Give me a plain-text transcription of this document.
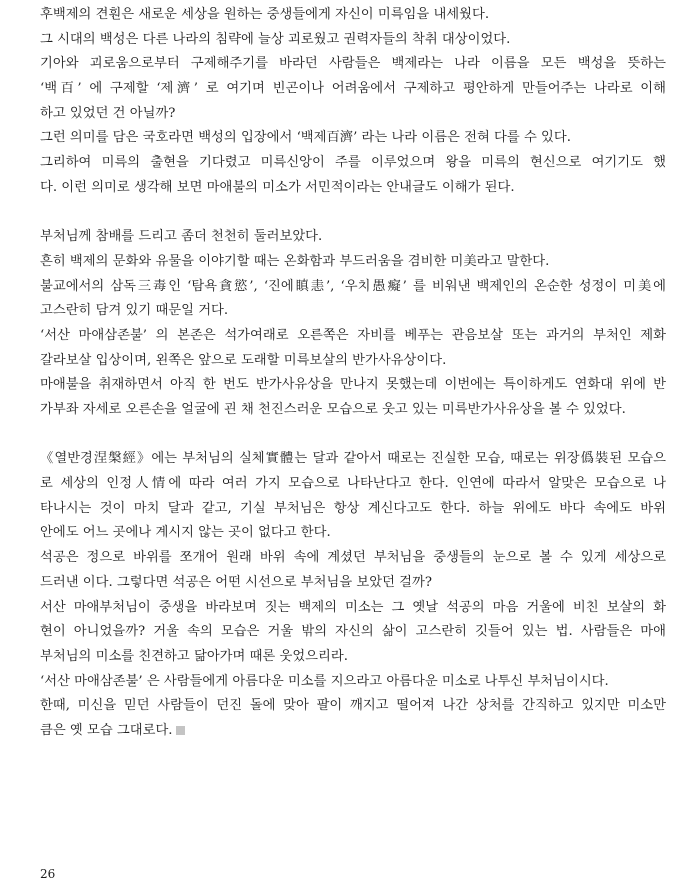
후백제의 견훤은 새로운 세상을 원하는 중생들에게 자신이 미륵임을 내세웠다.
그 시대의 백성은 다른 나라의 침략에 늘상 괴로웠고 권력자들의 착취 대상이었다.
기아와 괴로움으로부터 구제해주기를 바라던 사람들은 백제라는 나라 이름을 모든 백성을 뜻하는
‘백百’ 에 구제할 ‘제濟’ 로 여기며 빈곤이나 어려움에서 구제하고 평안하게 만들어주는 나라로 이해
하고 있었던 건 아닐까?
그런 의미를 담은 국호라면 백성의 입장에서 ‘백제百濟’ 라는 나라 이름은 전혀 다를 수 있다.
그리하여 미륵의 출현을 기다렸고 미륵신앙이 주를 이루었으며 왕을 미륵의 현신으로 여기기도 했
다. 이런 의미로 생각해 보면 마애불의 미소가 서민적이라는 안내글도 이해가 된다.
부처님께 참배를 드리고 좀더 천천히 둘러보았다.
흔히 백제의 문화와 유물을 이야기할 때는 온화함과 부드러움을 겸비한 미美라고 말한다.
불교에서의 삼독三毒인 ‘탐욕貪慾’, ‘진에瞋恚’, ‘우치愚癡’ 를 비워낸 백제인의 온순한 성정이 미美에
고스란히 담겨 있기 때문일 거다.
‘서산 마애삼존불’ 의 본존은 석가여래로 오른쪽은 자비를 베푸는 관음보살 또는 과거의 부처인 제화
갈라보살 입상이며, 왼쪽은 앞으로 도래할 미륵보살의 반가사유상이다.
마애불을 취재하면서 아직 한 번도 반가사유상을 만나지 못했는데 이번에는 특이하게도 연화대 위에 반
가부좌 자세로 오른손을 얼굴에 괸 채 천진스러운 모습으로 웃고 있는 미륵반가사유상을 볼 수 있었다.
《열반경涅槃經》에는 부처님의 실체實體는 달과 같아서 때로는 진실한 모습, 때로는 위장僞裝된 모습으
로 세상의 인정人情에 따라 여러 가지 모습으로 나타난다고 한다. 인연에 따라서 알맞은 모습으로 나
타나시는 것이 마치 달과 같고, 기실 부처님은 항상 계신다고도 한다. 하늘 위에도 바다 속에도 바위
안에도 어느 곳에나 계시지 않는 곳이 없다고 한다.
석공은 정으로 바위를 쪼개어 원래 바위 속에 계셨던 부처님을 중생들의 눈으로 볼 수 있게 세상으로
드러낸 이다. 그렇다면 석공은 어떤 시선으로 부처님을 보았던 걸까?
서산 마애부처님이 중생을 바라보며 짓는 백제의 미소는 그 옛날 석공의 마음 거울에 비친 보살의 화
현이 아니었을까? 거울 속의 모습은 거울 밖의 자신의 삶이 고스란히 깃들어 있는 법. 사람들은 마애
부처님의 미소를 친견하고 닮아가며 때론 웃었으리라.
‘서산 마애삼존불’ 은 사람들에게 아름다운 미소를 지으라고 아름다운 미소로 나투신 부처님이시다.
한때, 미신을 믿던 사람들이 던진 돌에 맞아 팔이 깨지고 떨어져 나간 상처를 간직하고 있지만 미소만
큼은 옛 모습 그대로다.
26
